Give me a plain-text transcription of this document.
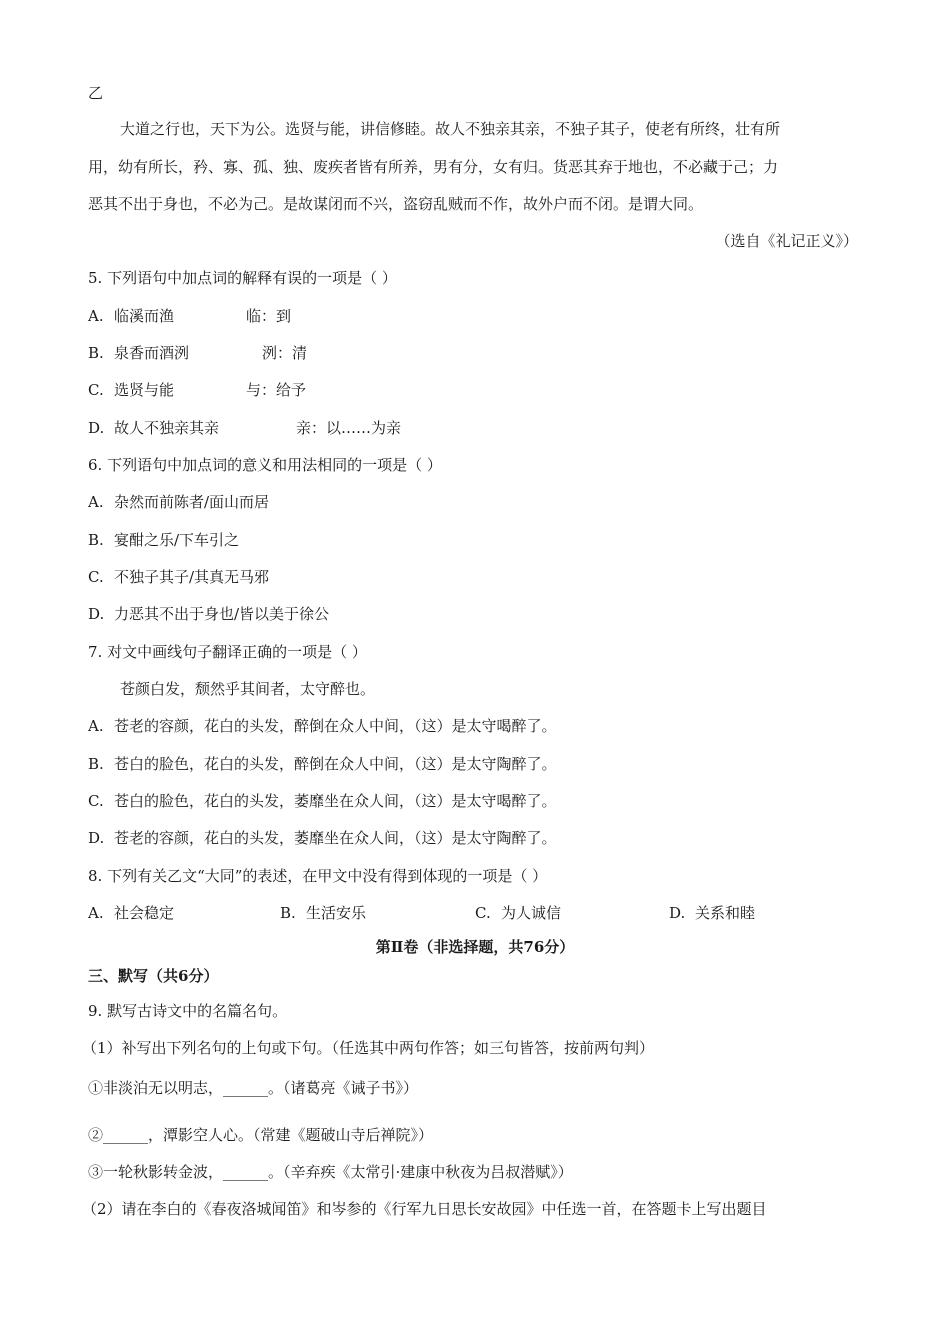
乙
大道之行也，天下为公。选贤与能，讲信修睦。故人不独亲其亲，不独子其子，使老有所终，壮有所
用，幼有所长，矜、寡、孤、独、废疾者皆有所养，男有分，女有归。货恶其弃于地也，不必藏于己；力
恶其不出于身也，不必为己。是故谋闭而不兴，盗窃乱贼而不作，故外户而不闭。是谓大同。
（选自《礼记正义》）
5. 下列语句中加点词的解释有误的一项是（ ）
A. 临溪而渔	临：到
B. 泉香而酒洌	洌：清
C. 选贤与能	与：给予
D. 故人不独亲其亲	亲：以……为亲
6. 下列语句中加点词的意义和用法相同的一项是（ ）
A. 杂然而前陈者/面山而居
B. 宴酣之乐/下车引之
C. 不独子其子/其真无马邪
D. 力恶其不出于身也/皆以美于徐公
7. 对文中画线句子翻译正确的一项是（ ）
苍颜白发，颓然乎其间者，太守醉也。
A. 苍老的容颜，花白的头发，醉倒在众人中间，（这）是太守喝醉了。
B. 苍白的脸色，花白的头发，醉倒在众人中间，（这）是太守陶醉了。
C. 苍白的脸色，花白的头发，萎靡坐在众人间，（这）是太守喝醉了。
D. 苍老的容颜，花白的头发，萎靡坐在众人间，（这）是太守陶醉了。
8. 下列有关乙文“大同”的表述，在甲文中没有得到体现的一项是（ ）
A. 社会稳定	B. 生活安乐	C. 为人诚信	D. 关系和睦
第Ⅱ卷（非选择题，共76分）
三、默写（共6分）
9. 默写古诗文中的名篇名句。
（1）补写出下列名句的上句或下句。（任选其中两句作答；如三句皆答，按前两句判）
①非淡泊无以明志，______。（诸葛亮《诫子书》）
②______，潭影空人心。（常建《题破山寺后禅院》）
③一轮秋影转金波，______。（辛弃疾《太常引·建康中秋夜为吕叔潜赋》）
（2）请在李白的《春夜洛城闻笛》和岑参的《行军九日思长安故园》中任选一首，在答题卡上写出题目
